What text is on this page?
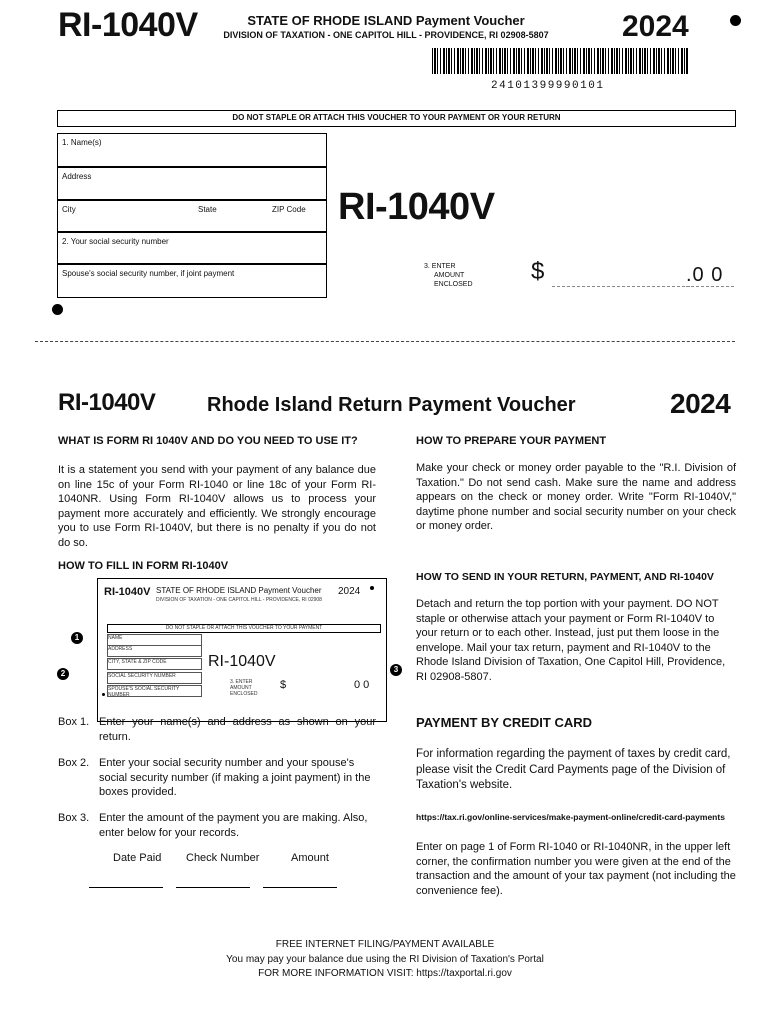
RI-1040V	STATE OF RHODE ISLAND Payment Voucher
DIVISION OF TAXATION - ONE CAPITOL HILL - PROVIDENCE, RI 02908-5807	2024
24101399990101
DO NOT STAPLE OR ATTACH THIS VOUCHER TO YOUR PAYMENT OR YOUR RETURN
1. Name(s)
Address
City	State	ZIP Code
2. Your social security number
Spouse's social security number, if joint payment
RI-1040V
3. ENTER
AMOUNT
ENCLOSED $	.0 0
RI-1040V	Rhode Island Return Payment Voucher	2024
WHAT IS FORM RI 1040V AND DO YOU NEED TO USE IT?
It is a statement you send with your payment of any balance due on line 15c of your Form RI-1040 or line 18c of your Form RI-1040NR. Using Form RI-1040V allows us to process your payment more accurately and efficiently. We strongly encourage you to use Form RI-1040V, but there is no penalty if you do not do so.
HOW TO FILL IN FORM RI-1040V
RI-1040V STATE OF RHODE ISLAND Payment Voucher
DIVISION OF TAXATION - ONE CAPITOL HILL - PROVIDENCE, RI 02908
2024
DO NOT STAPLE OR ATTACH THIS VOUCHER TO YOUR PAYMENT
NAME
ADDRESS
CITY, STATE & ZIP CODE
SOCIAL SECURITY NUMBER
SPOUSE'S SOCIAL SECURITY NUMBER
RI-1040V
3. ENTER AMOUNT ENCLOSED
$	0 0
1
2	3
Box 1. Enter your name(s) and address as shown on your return.
Box 2. Enter your social security number and your spouse's social security number (if making a joint payment) in the boxes provided.
Box 3. Enter the amount of the payment you are making. Also, enter below for your records.
Date Paid Check Number	Amount
HOW TO PREPARE YOUR PAYMENT
Make your check or money order payable to the "R.I. Division of Taxation." Do not send cash. Make sure the name and address appears on the check or money order. Write "Form RI-1040V," daytime phone number and social security number on your check or money order.
HOW TO SEND IN YOUR RETURN, PAYMENT, AND RI-1040V
Detach and return the top portion with your payment. DO NOT staple or otherwise attach your payment or Form RI-1040V to your return or to each other. Instead, just put them loose in the envelope. Mail your tax return, payment and RI-1040V to the Rhode Island Division of Taxation, One Capitol Hill, Providence, RI 02908-5807.
PAYMENT BY CREDIT CARD
For information regarding the payment of taxes by credit card, please visit the Credit Card Payments page of the Division of Taxation's website.
https://tax.ri.gov/online-services/make-payment-online/credit-card-payments
Enter on page 1 of Form RI-1040 or RI-1040NR, in the upper left corner, the confirmation number you were given at the end of the transaction and the amount of your tax payment (not including the convenience fee).
FREE INTERNET FILING/PAYMENT AVAILABLE
You may pay your balance due using the RI Division of Taxation's Portal
FOR MORE INFORMATION VISIT: https://taxportal.ri.gov
